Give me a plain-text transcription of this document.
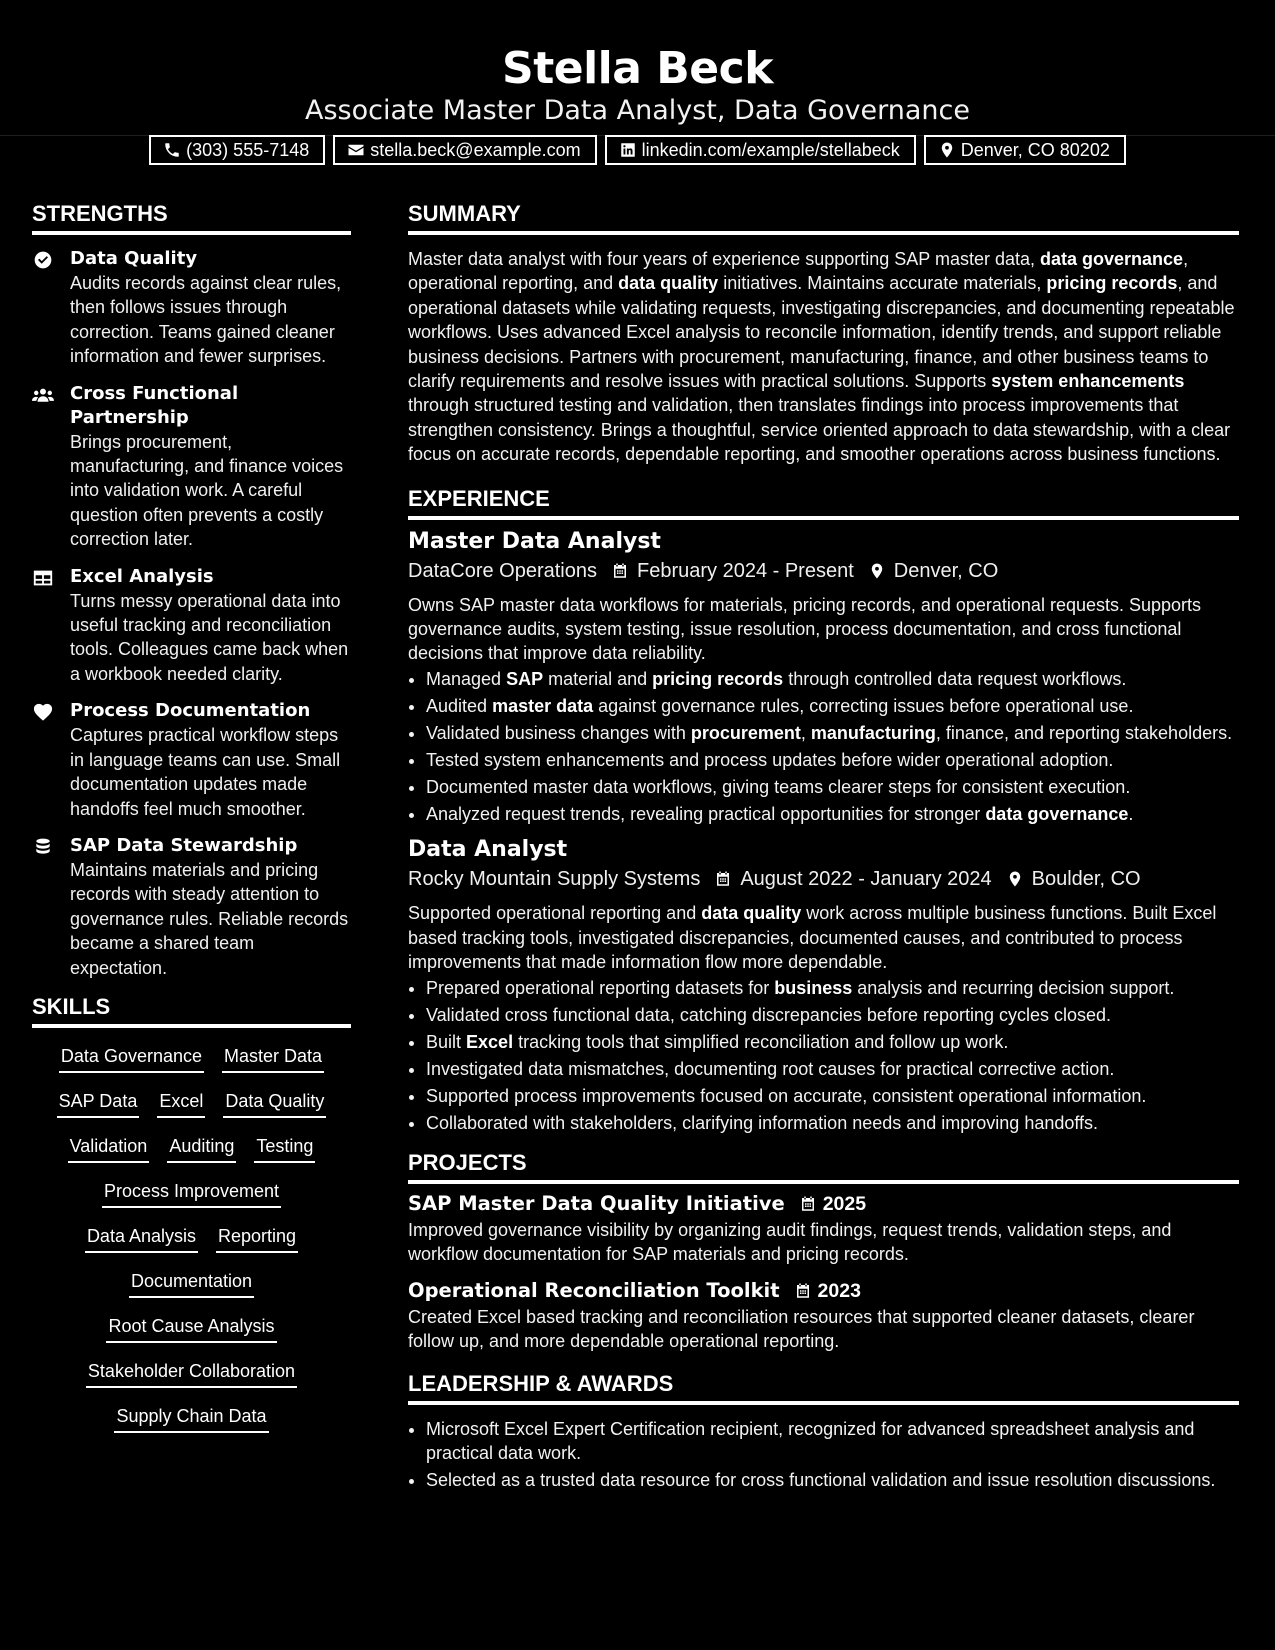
Stella Beck
Associate Master Data Analyst, Data Governance
(303) 555-7148	stella.beck@example.com	linkedin.com/example/stellabeck	Denver, CO 80202
STRENGTHS
Data Quality
Audits records against clear rules, then follows issues through correction. Teams gained cleaner information and fewer surprises.
Cross Functional Partnership
Brings procurement, manufacturing, and finance voices into validation work. A careful question often prevents a costly correction later.
Excel Analysis
Turns messy operational data into useful tracking and reconciliation tools. Colleagues came back when a workbook needed clarity.
Process Documentation
Captures practical workflow steps in language teams can use. Small documentation updates made handoffs feel much smoother.
SAP Data Stewardship
Maintains materials and pricing records with steady attention to governance rules. Reliable records became a shared team expectation.
SKILLS
Data Governance Master Data
SAP Data Excel Data Quality
Validation Auditing Testing
Process Improvement
Data Analysis Reporting
Documentation
Root Cause Analysis
Stakeholder Collaboration
Supply Chain Data
SUMMARY

Master data analyst with four years of experience supporting SAP master data, data governance, operational reporting, and data quality initiatives. Maintains accurate materials, pricing records, and operational datasets while validating requests, investigating discrepancies, and documenting repeatable workflows. Uses advanced Excel analysis to reconcile information, identify trends, and support reliable business decisions. Partners with procurement, manufacturing, finance, and other business teams to clarify requirements and resolve issues with practical solutions. Supports system enhancements through structured testing and validation, then translates findings into process improvements that strengthen consistency. Brings a thoughtful, service oriented approach to data stewardship, with a clear focus on accurate records, dependable reporting, and smoother operations across business functions.

EXPERIENCE
Master Data Analyst
DataCore Operations February 2024 - Present Denver, CO

Owns SAP master data workflows for materials, pricing records, and operational requests. Supports governance audits, system testing, issue resolution, process documentation, and cross functional decisions that improve data reliability.

• Managed SAP material and pricing records through controlled data request workflows.
• Audited master data against governance rules, correcting issues before operational use.
• Validated business changes with procurement, manufacturing, finance, and reporting stakeholders.
• Tested system enhancements and process updates before wider operational adoption.
• Documented master data workflows, giving teams clearer steps for consistent execution.
• Analyzed request trends, revealing practical opportunities for stronger data governance.
Data Analyst
Rocky Mountain Supply Systems August 2022 - January 2024 Boulder, CO

Supported operational reporting and data quality work across multiple business functions. Built Excel based tracking tools, investigated discrepancies, documented causes, and contributed to process improvements that made information flow more dependable.

• Prepared operational reporting datasets for business analysis and recurring decision support.
• Validated cross functional data, catching discrepancies before reporting cycles closed.
• Built Excel tracking tools that simplified reconciliation and follow up work.
• Investigated data mismatches, documenting root causes for practical corrective action.
• Supported process improvements focused on accurate, consistent operational information.
• Collaborated with stakeholders, clarifying information needs and improving handoffs.
PROJECTS
SAP Master Data Quality Initiative 2025

Improved governance visibility by organizing audit findings, request trends, validation steps, and workflow documentation for SAP materials and pricing records.

Operational Reconciliation Toolkit 2023

Created Excel based tracking and reconciliation resources that supported cleaner datasets, clearer follow up, and more dependable operational reporting.

LEADERSHIP & AWARDS
• Microsoft Excel Expert Certification recipient, recognized for advanced spreadsheet analysis and practical data work.
• Selected as a trusted data resource for cross functional validation and issue resolution discussions.
